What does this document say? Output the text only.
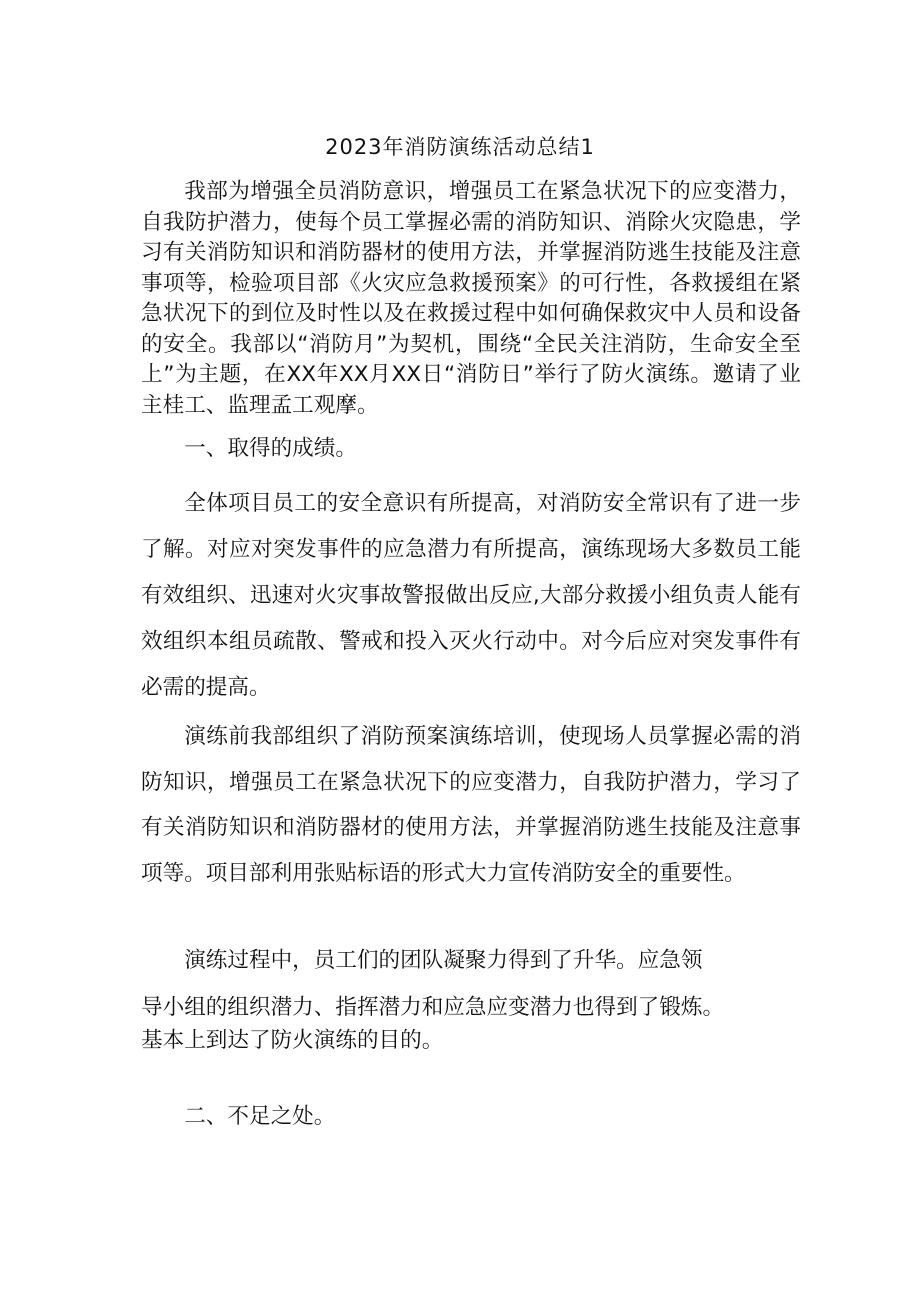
2023年消防演练活动总结1

我部为增强全员消防意识，增强员工在紧急状况下的应变潜力，自我防护潜力，使每个员工掌握必需的消防知识、消除火灾隐患，学习有关消防知识和消防器材的使用方法，并掌握消防逃生技能及注意事项等，检验项目部《火灾应急救援预案》的可行性，各救援组在紧急状况下的到位及时性以及在救援过程中如何确保救灾中人员和设备的安全。我部以“消防月”为契机，围绕“全民关注消防，生命安全至上”为主题，在XX年XX月XX日“消防日”举行了防火演练。邀请了业主桂工、监理孟工观摩。

一、取得的成绩。

全体项目员工的安全意识有所提高，对消防安全常识有了进一步了解。对应对突发事件的应急潜力有所提高，演练现场大多数员工能有效组织、迅速对火灾事故警报做出反应,大部分救援小组负责人能有效组织本组员疏散、警戒和投入灭火行动中。对今后应对突发事件有必需的提高。

演练前我部组织了消防预案演练培训，使现场人员掌握必需的消防知识，增强员工在紧急状况下的应变潜力，自我防护潜力，学习了有关消防知识和消防器材的使用方法，并掌握消防逃生技能及注意事项等。项目部利用张贴标语的形式大力宣传消防安全的重要性。

演练过程中，员工们的团队凝聚力得到了升华。应急领

导小组的组织潜力、指挥潜力和应急应变潜力也得到了锻炼。
基本上到达了防火演练的目的。

二、不足之处。
